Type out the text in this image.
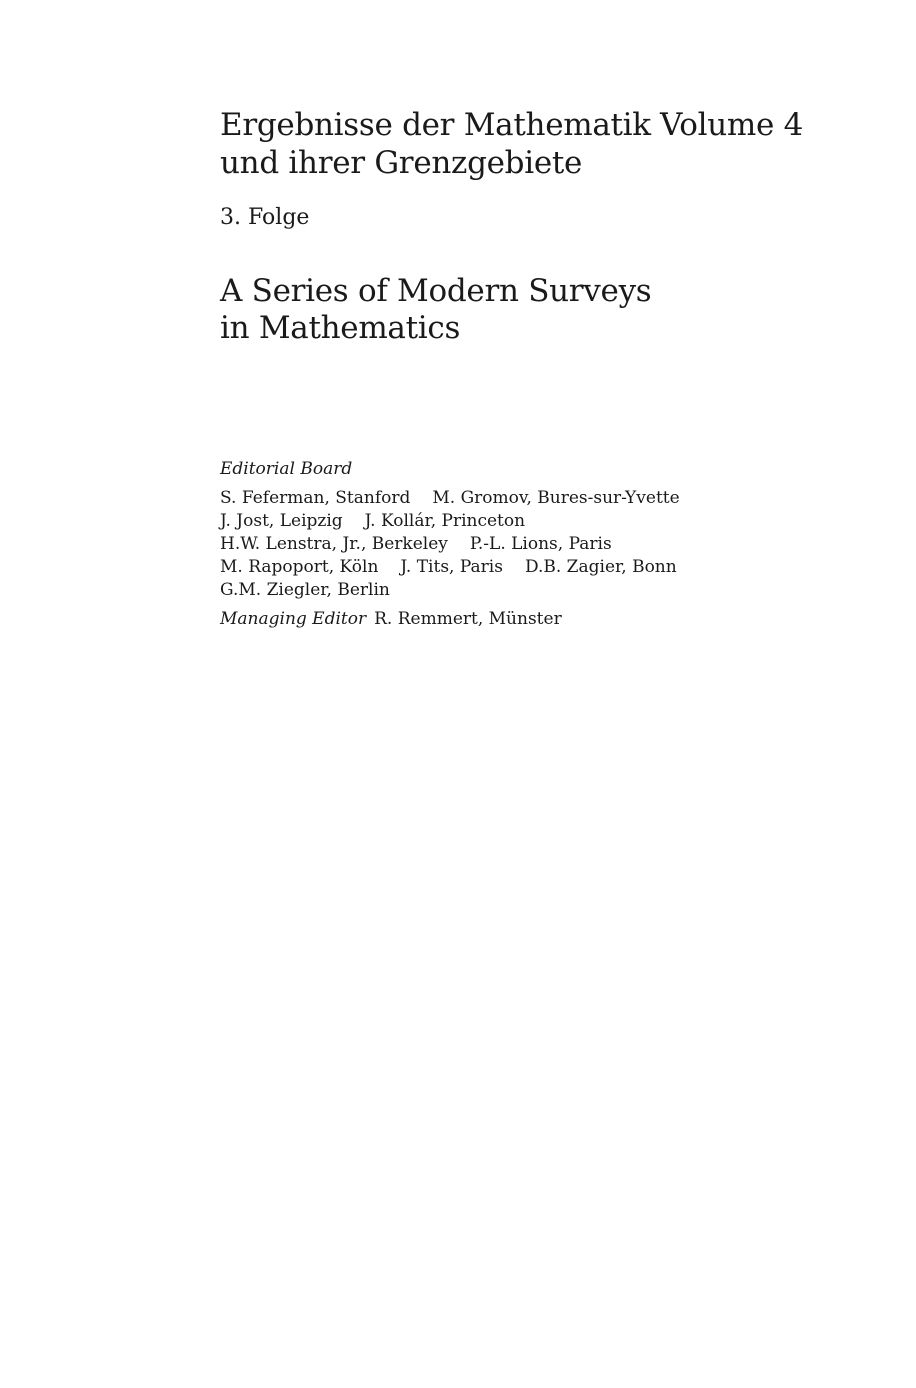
Ergebnisse der Mathematik
und ihrer Grenzgebiete
Volume 4
3. Folge
A Series of Modern Surveys
in Mathematics
Editorial Board
S. Feferman, Stanford M. Gromov, Bures-sur-Yvette
J. Jost, Leipzig J. Kollár, Princeton
H.W. Lenstra, Jr., Berkeley P.-L. Lions, Paris
M. Rapoport, Köln J. Tits, Paris D.B. Zagier, Bonn
G.M. Ziegler, Berlin
Managing Editor R. Remmert, Münster
